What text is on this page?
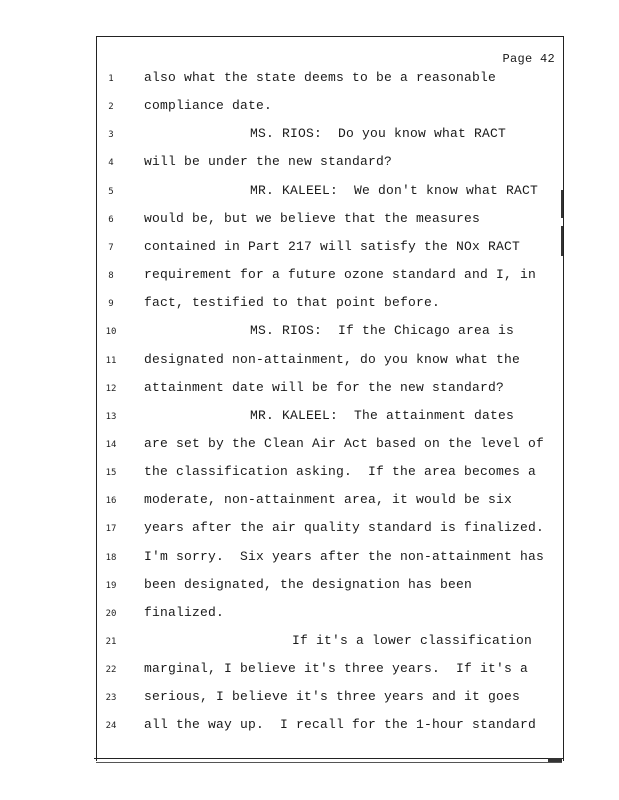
Page 42
1	also what the state deems to be a reasonable
2	compliance date.
3	MS. RIOS:  Do you know what RACT
4	will be under the new standard?
5	MR. KALEEL:  We don't know what RACT
6	would be, but we believe that the measures
7	contained in Part 217 will satisfy the NOx RACT
8	requirement for a future ozone standard and I, in
9	fact, testified to that point before.
10	MS. RIOS:  If the Chicago area is
11	designated non-attainment, do you know what the
12	attainment date will be for the new standard?
13	MR. KALEEL:  The attainment dates
14	are set by the Clean Air Act based on the level of
15	the classification asking.  If the area becomes a
16	moderate, non-attainment area, it would be six
17	years after the air quality standard is finalized.
18	I'm sorry.  Six years after the non-attainment has
19	been designated, the designation has been
20	finalized.
21	If it's a lower classification
22	marginal, I believe it's three years.  If it's a
23	serious, I believe it's three years and it goes
24	all the way up.  I recall for the 1-hour standard
